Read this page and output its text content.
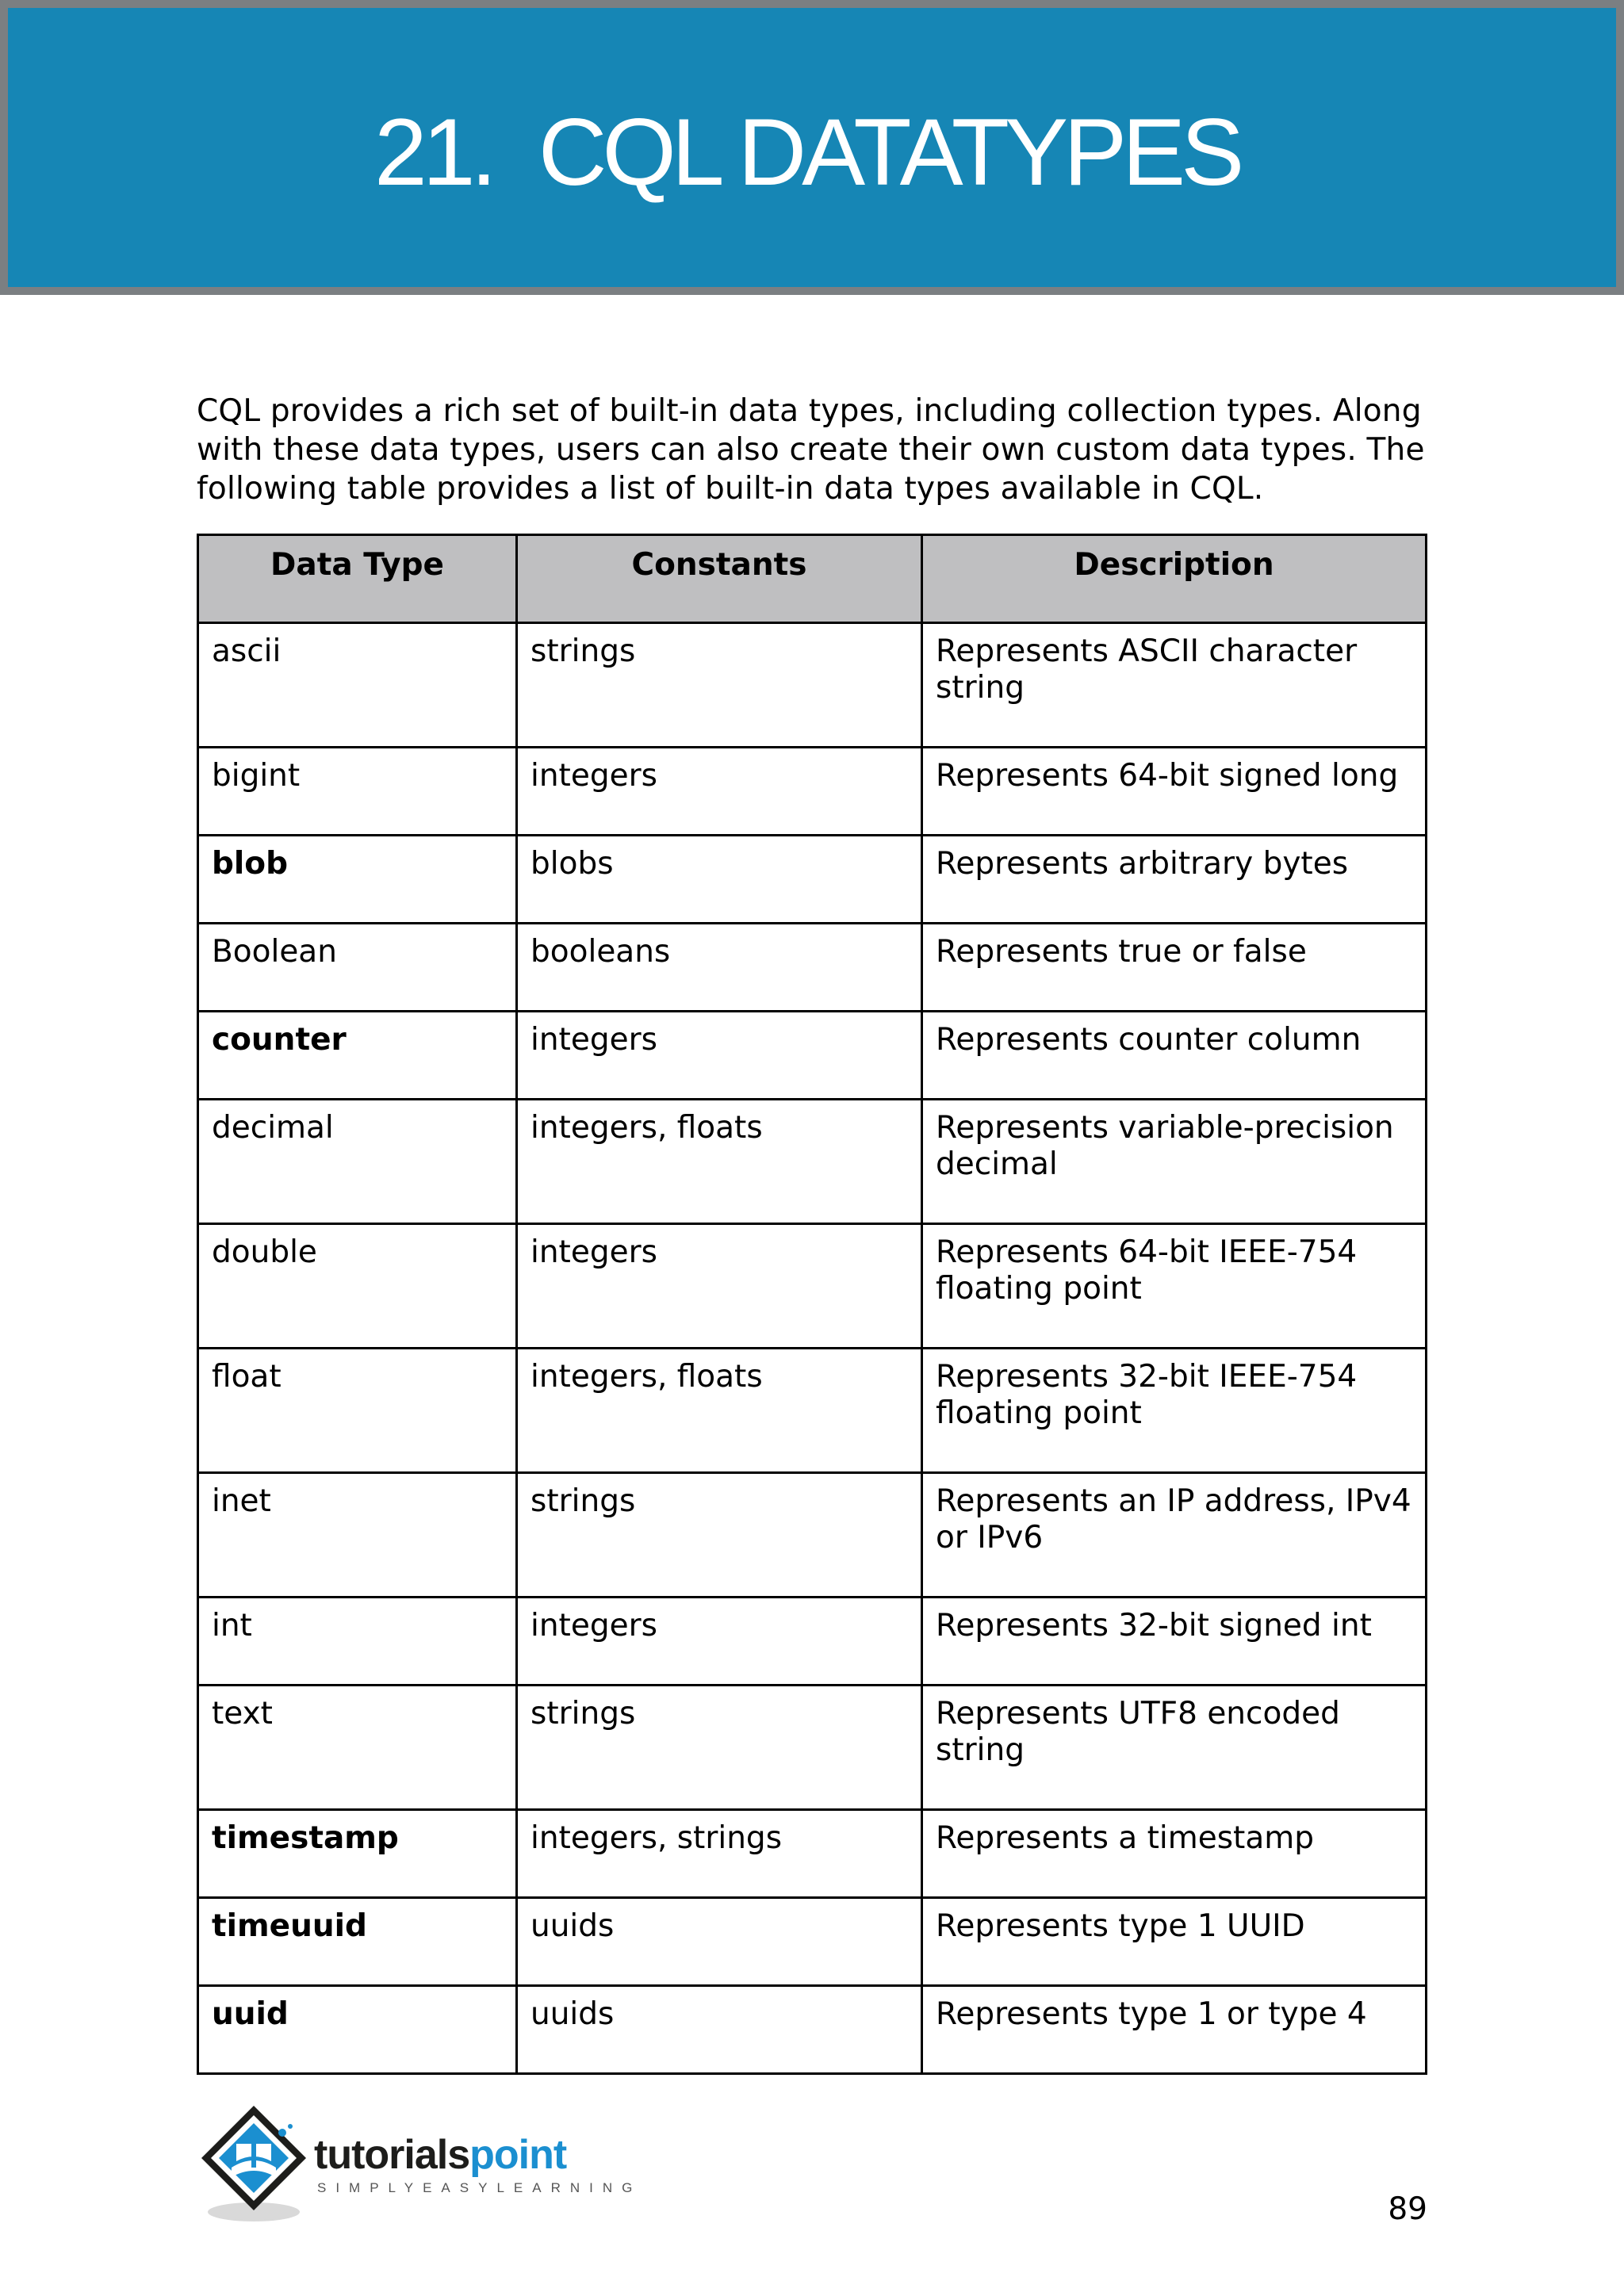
21. CQL DATATYPES

CQL provides a rich set of built-in data types, including collection types. Along with these data types, users can also create their own custom data types. The following table provides a list of built-in data types available in CQL.

Data Type	Constants	Description
ascii	strings	Represents ASCII character string
bigint	integers	Represents 64-bit signed long
blob	blobs	Represents arbitrary bytes
Boolean	booleans	Represents true or false
counter	integers	Represents counter column
decimal	integers, floats	Represents variable-precision decimal
double	integers	Represents 64-bit IEEE-754 floating point
float	integers, floats	Represents 32-bit IEEE-754 floating point
inet	strings	Represents an IP address, IPv4 or IPv6
int	integers	Represents 32-bit signed int
text	strings	Represents UTF8 encoded string
timestamp	integers, strings	Represents a timestamp
timeuuid	uuids	Represents type 1 UUID
uuid	uuids	Represents type 1 or type 4
tutorialspoint
SIMPLYEASYLEARNING
89
